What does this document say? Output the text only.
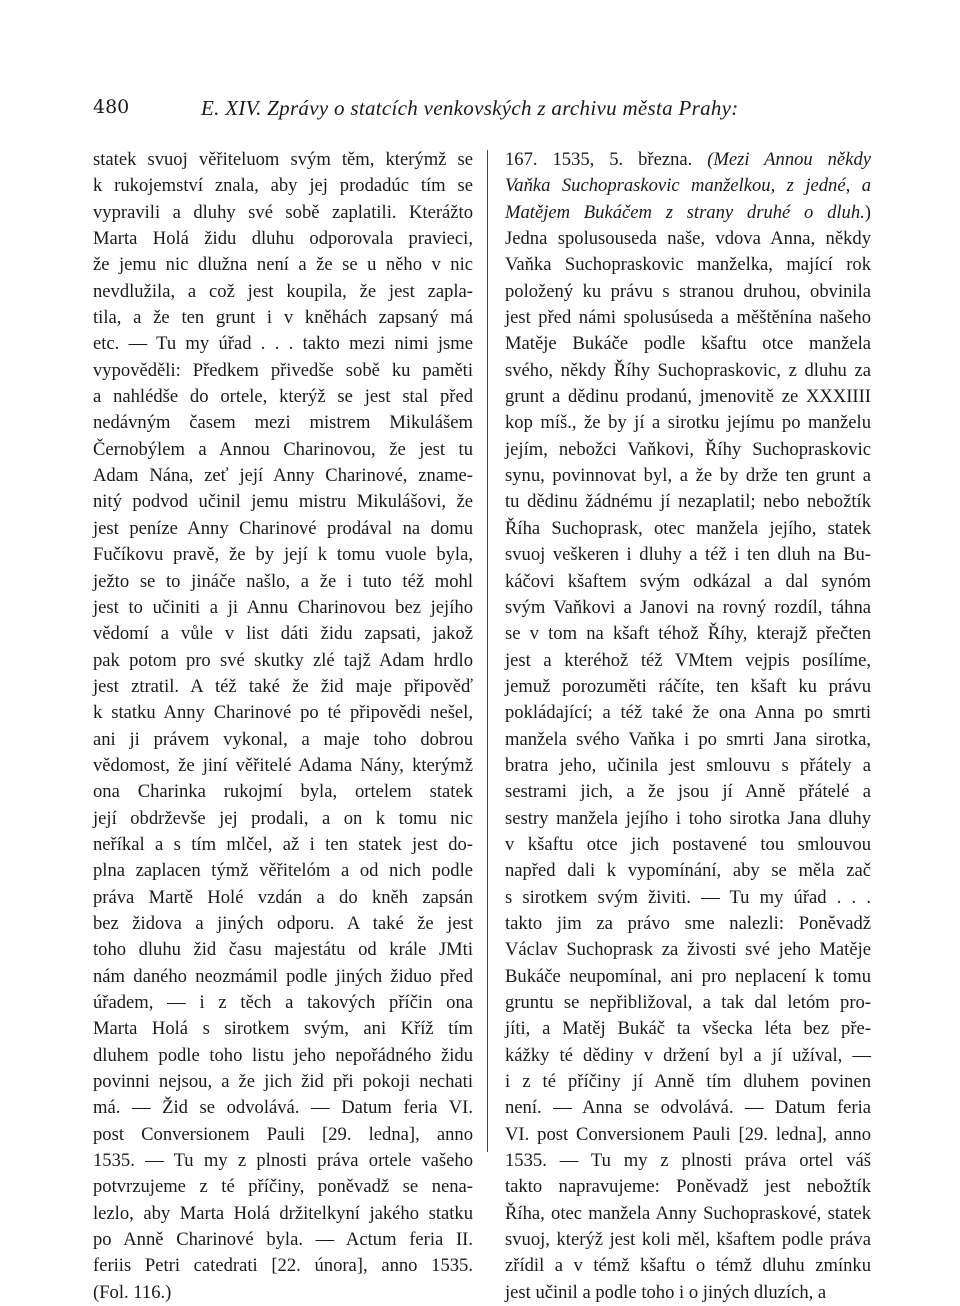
480	E. XIV. Zprávy o statcích venkovských z archivu města Prahy:
statek svuoj věřiteluom svým těm, kterýmž se
k rukojemství znala, aby jej prodadúc tím se
vypravili a dluhy své sobě zaplatili. Kterážto
Marta Holá židu dluhu odporovala pravieci,
že jemu nic dlužna není a že se u něho v nic
nevdlužila, a což jest koupila, že jest zapla-
tila, a že ten grunt i v kněhách zapsaný má
etc. — Tu my úřad . . . takto mezi nimi jsme
vypověděli: Předkem přivedše sobě ku paměti
a nahlédše do ortele, kterýž se jest stal před
nedávným časem mezi mistrem Mikulášem
Černobýlem a Annou Charinovou, že jest tu
Adam Nána, zeť její Anny Charinové, zname-
nitý podvod učinil jemu mistru Mikulášovi, že
jest peníze Anny Charinové prodával na domu
Fučíkovu pravě, že by její k tomu vuole byla,
ježto se to jináče našlo, a že i tuto též mohl
jest to učiniti a ji Annu Charinovou bez jejího
vědomí a vůle v list dáti židu zapsati, jakož
pak potom pro své skutky zlé tajž Adam hrdlo
jest ztratil. A též také že žid maje připověď
k statku Anny Charinové po té připovědi nešel,
ani ji právem vykonal, a maje toho dobrou
vědomost, že jiní věřitelé Adama Nány, kterýmž
ona Charinka rukojmí byla, ortelem statek
její obdrževše jej prodali, a on k tomu nic
neříkal a s tím mlčel, až i ten statek jest do-
plna zaplacen týmž věřitelóm a od nich podle
práva Martě Holé vzdán a do kněh zapsán
bez židova a jiných odporu. A také že jest
toho dluhu žid času majestátu od krále JMti
nám daného neozmámil podle jiných židuo před
úřadem, — i z těch a takových příčin ona
Marta Holá s sirotkem svým, ani Kříž tím
dluhem podle toho listu jeho nepořádného židu
povinni nejsou, a že jich žid při pokoji nechati
má. — Žid se odvolává. — Datum feria VI.
post Conversionem Pauli [29. ledna], anno
1535. — Tu my z plnosti práva ortele vašeho
potvrzujeme z té příčiny, poněvadž se nena-
lezlo, aby Marta Holá držitelkyní jakého statku
po Anně Charinové byla. — Actum feria II.
feriis Petri catedrati [22. února], anno 1535.
(Fol. 116.)
167. 1535, 5. března. (Mezi Annou někdy
Vaňka Suchopraskovic manželkou, z jedné, a
Matějem Bukáčem z strany druhé o dluh.)
Jedna spolusouseda naše, vdova Anna, někdy
Vaňka Suchopraskovic manželka, mající rok
položený ku právu s stranou druhou, obvinila
jest před námi spolusúseda a měštěnína našeho
Matěje Bukáče podle kšaftu otce manžela
svého, někdy Říhy Suchopraskovic, z dluhu za
grunt a dědinu prodanú, jmenovitě ze XXXIIII
kop míš., že by jí a sirotku jejímu po manželu
jejím, nebožci Vaňkovi, Říhy Suchopraskovic
synu, povinnovat byl, a že by drže ten grunt a
tu dědinu žádnému jí nezaplatil; nebo nebožtík
Říha Suchoprask, otec manžela jejího, statek
svuoj veškeren i dluhy a též i ten dluh na Bu-
káčovi kšaftem svým odkázal a dal synóm
svým Vaňkovi a Janovi na rovný rozdíl, táhna
se v tom na kšaft téhož Říhy, kterajž přečten
jest a kteréhož též VMtem vejpis posílíme,
jemuž porozuměti ráčíte, ten kšaft ku právu
pokládající; a též také že ona Anna po smrti
manžela svého Vaňka i po smrti Jana sirotka,
bratra jeho, učinila jest smlouvu s přátely a
sestrami jich, a že jsou jí Anně přátelé a
sestry manžela jejího i toho sirotka Jana dluhy
v kšaftu otce jich postavené tou smlouvou
napřed dali k vypomínání, aby se měla zač
s sirotkem svým živiti. — Tu my úřad . . .
takto jim za právo sme nalezli: Poněvadž
Václav Suchoprask za živosti své jeho Matěje
Bukáče neupomínal, ani pro neplacení k tomu
gruntu se nepřibližoval, a tak dal letóm pro-
jíti, a Matěj Bukáč ta všecka léta bez pře-
kážky té dědiny v držení byl a jí užíval, —
i z té příčiny jí Anně tím dluhem povinen
není. — Anna se odvolává. — Datum feria
VI. post Conversionem Pauli [29. ledna], anno
1535. — Tu my z plnosti práva ortel váš
takto napravujeme: Poněvadž jest nebožtík
Říha, otec manžela Anny Suchopraskové, statek
svuoj, kterýž jest koli měl, kšaftem podle práva
zřídil a v témž kšaftu o témž dluhu zmínku
jest učinil a podle toho i o jiných dluzích, a
